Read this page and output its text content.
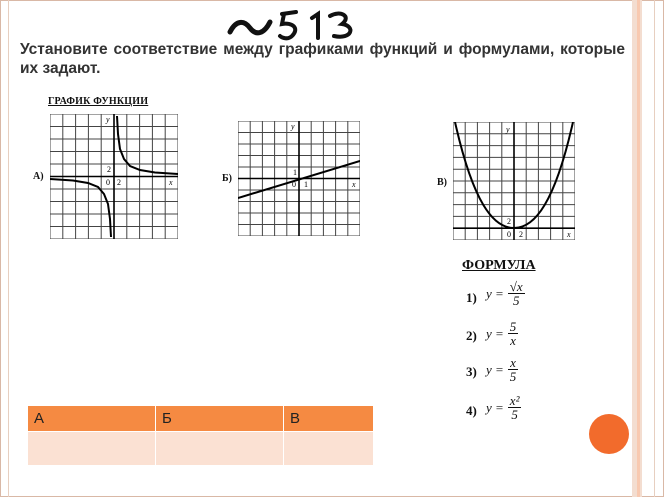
Установите соответствие между графиками функций и формулами, которые их задают.
ГРАФИК ФУНКЦИИ
А)
y
x
0 2
2
Б)
y
x
0 1
1
В)
y
x
0 2
2
ФОРМУЛА
1) $y = \frac{√x}{5}$
2) $y = \frac{5}{x}$
3) $y = \frac{x}{5}$
4) $y = \frac{\text{x²}}{5}$
А	Б	В
